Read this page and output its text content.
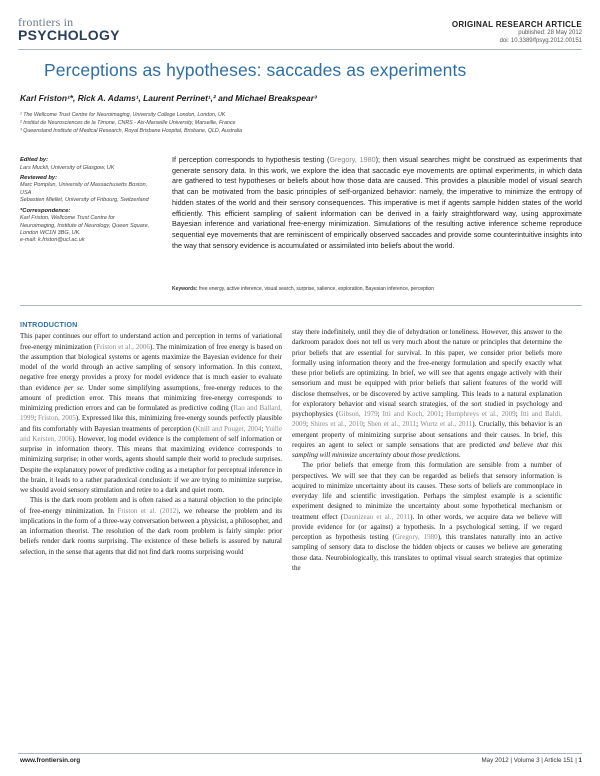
frontiers in
PSYCHOLOGY
ORIGINAL RESEARCH ARTICLE
published: 28 May 2012
doi: 10.3389/fpsyg.2012.00151
Perceptions as hypotheses: saccades as experiments
Karl Friston¹*, Rick A. Adams¹, Laurent Perrinet¹,² and Michael Breakspear³
¹ The Wellcome Trust Centre for Neuroimaging, University College London, London, UK
² Institut de Neurosciences de la Timone, CNRS - Aix-Marseille University, Marseille, France
³ Queensland Institute of Medical Research, Royal Brisbane Hospital, Brisbane, QLD, Australia
Edited by:
Lars Muckli, University of Glasgow, UK
Reviewed by:
Marc Pomplun, University of Massachusetts Boston, USA
Sebastien Miellet, University of Fribourg, Switzerland
*Correspondence:
Karl Friston, Wellcome Trust Centre for Neuroimaging, Institute of Neurology, Queen Square, London WC1N 3BG, UK.
e-mail: k.friston@ucl.ac.uk
If perception corresponds to hypothesis testing (Gregory, 1980); then visual searches might be construed as experiments that generate sensory data. In this work, we explore the idea that saccadic eye movements are optimal experiments, in which data are gathered to test hypotheses or beliefs about how those data are caused. This provides a plausible model of visual search that can be motivated from the basic principles of self-organized behavior: namely, the imperative to minimize the entropy of hidden states of the world and their sensory consequences. This imperative is met if agents sample hidden states of the world efficiently. This efficient sampling of salient information can be derived in a fairly straightforward way, using approximate Bayesian inference and variational free-energy minimization. Simulations of the resulting active inference scheme reproduce sequential eye movements that are reminiscent of empirically observed saccades and provide some counterintuitive insights into the way that sensory evidence is accumulated or assimilated into beliefs about the world.
Keywords: free energy, active inference, visual search, surprise, salience, exploration, Bayesian inference, perception
INTRODUCTION
This paper continues our effort to understand action and perception in terms of variational free-energy minimization (Friston et al., 2006). The minimization of free energy is based on the assumption that biological systems or agents maximize the Bayesian evidence for their model of the world through an active sampling of sensory information. In this context, negative free energy provides a proxy for model evidence that is much easier to evaluate than evidence per se. Under some simplifying assumptions, free-energy reduces to the amount of prediction error. This means that minimizing free-energy corresponds to minimizing prediction errors and can be formulated as predictive coding (Rao and Ballard, 1999; Friston, 2005). Expressed like this, minimizing free-energy sounds perfectly plausible and fits comfortably with Bayesian treatments of perception (Knill and Pouget, 2004; Yuille and Kersten, 2006). However, log model evidence is the complement of self information or surprise in information theory. This means that maximizing evidence corresponds to minimizing surprise; in other words, agents should sample their world to preclude surprises. Despite the explanatory power of predictive coding as a metaphor for perceptual inference in the brain, it leads to a rather paradoxical conclusion: if we are trying to minimize surprise, we should avoid sensory stimulation and retire to a dark and quiet room.
This is the dark room problem and is often raised as a natural objection to the principle of free-energy minimization. In Friston et al. (2012), we rehearse the problem and its implications in the form of a three-way conversation between a physicist, a philosopher, and an information theorist. The resolution of the dark room problem is fairly simple: prior beliefs render dark rooms surprising. The existence of these beliefs is assured by natural selection, in the sense that agents that did not find dark rooms surprising would
stay there indefinitely, until they die of dehydration or loneliness. However, this answer to the darkroom paradox does not tell us very much about the nature or principles that determine the prior beliefs that are essential for survival. In this paper, we consider prior beliefs more formally using information theory and the free-energy formulation and specify exactly what these prior beliefs are optimizing. In brief, we will see that agents engage actively with their sensorium and must be equipped with prior beliefs that salient features of the world will disclose themselves, or be discovered by active sampling. This leads to a natural explanation for exploratory behavior and visual search strategies, of the sort studied in psychology and psychophysics (Gibson, 1979; Itti and Koch, 2001; Humphreys et al., 2009; Itti and Baldi, 2009; Shires et al., 2010; Shen et al., 2011; Wurtz et al., 2011). Crucially, this behavior is an emergent property of minimizing surprise about sensations and their causes. In brief, this requires an agent to select or sample sensations that are predicted and believe that this sampling will minimize uncertainty about those predictions.
The prior beliefs that emerge from this formulation are sensible from a number of perspectives. We will see that they can be regarded as beliefs that sensory information is acquired to minimize uncertainty about its causes. These sorts of beliefs are commonplace in everyday life and scientific investigation. Perhaps the simplest example is a scientific experiment designed to minimize the uncertainty about some hypothetical mechanism or treatment effect (Daunizeau et al., 2011). In other words, we acquire data we believe will provide evidence for (or against) a hypothesis. In a psychological setting, if we regard perception as hypothesis testing (Gregory, 1980), this translates naturally into an active sampling of sensory data to disclose the hidden objects or causes we believe are generating those data. Neurobiologically, this translates to optimal visual search strategies that optimize the
www.frontiersin.org	May 2012 | Volume 3 | Article 151 | 1
